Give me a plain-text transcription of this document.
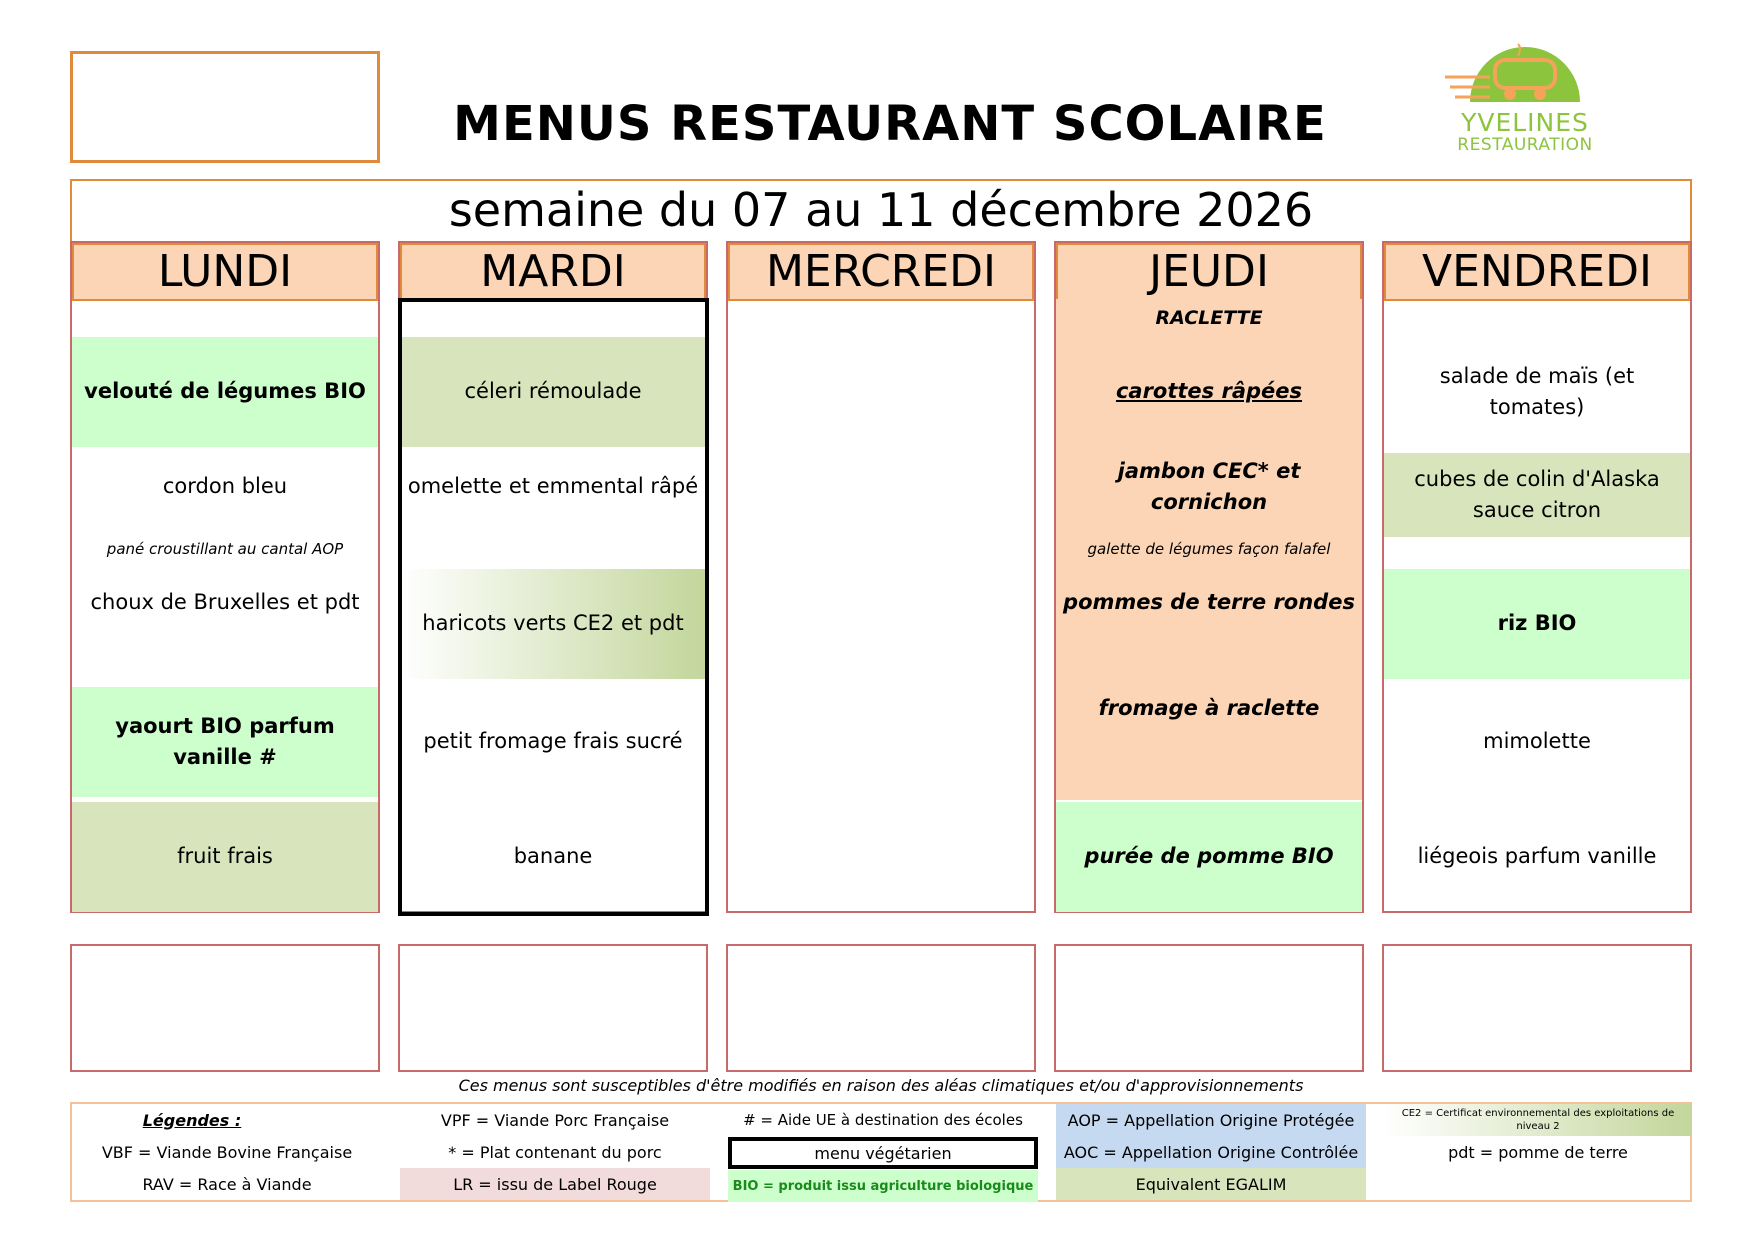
MENUS RESTAURANT SCOLAIRE	YVELINES
RESTAURATION
semaine du 07 au 11 décembre 2026
LUNDI
velouté de légumes BIO
cordon bleu
pané croustillant au cantal AOP
choux de Bruxelles et pdt
yaourt BIO parfum vanille #
fruit frais
MARDI
céleri rémoulade
omelette et emmental râpé
haricots verts CE2 et pdt
petit fromage frais sucré
banane
MERCREDI	JEUDI
RACLETTE
carottes râpées
jambon CEC* et cornichon
galette de légumes façon falafel
pommes de terre rondes
purée de pomme BIO
fromage à raclette
VENDREDI
salade de maïs (et tomates)
cubes de colin d'Alaska sauce citron
riz BIO
mimolette
liégeois parfum vanille
Ces menus sont susceptibles d'être modifiés en raison des aléas climatiques et/ou d'approvisionnements
Légendes :
VBF = Viande Bovine Française
RAV = Race à Viande
VPF = Viande Porc Française
* = Plat contenant du porc
LR = issu de Label Rouge
# = Aide UE à destination des écoles
menu végétarien
BIO = produit issu agriculture biologique
AOP = Appellation Origine Protégée
AOC = Appellation Origine Contrôlée
Equivalent EGALIM
CE2 = Certificat environnemental des exploitations de niveau 2
pdt = pomme de terre
